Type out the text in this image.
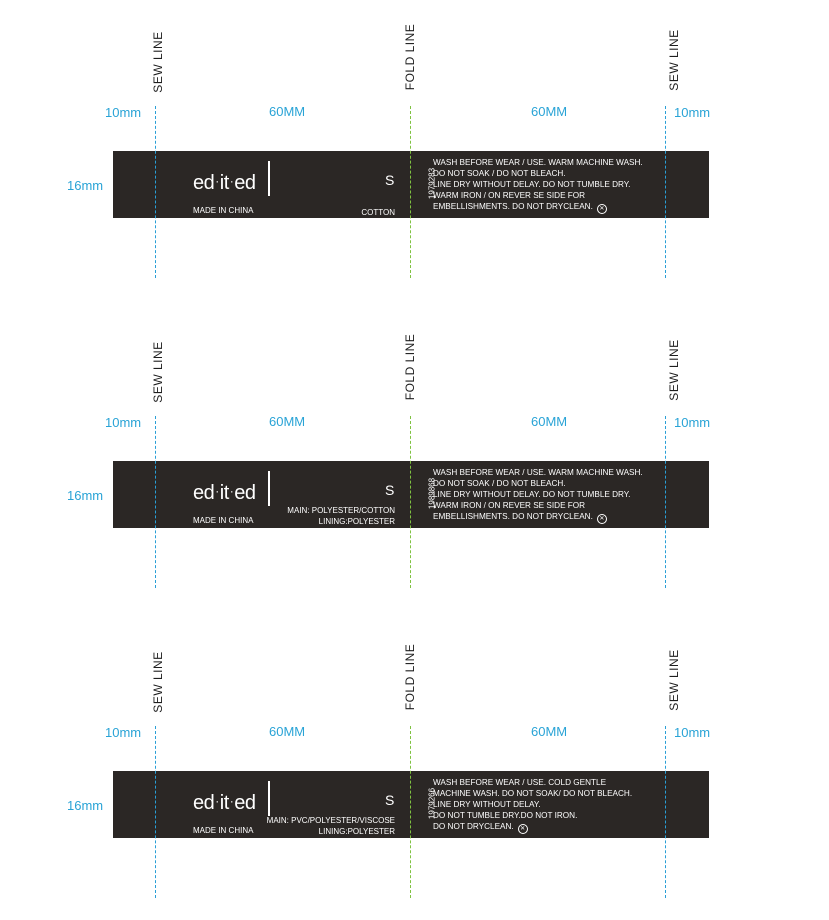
SEW LINE	FOLD LINE	SEW LINE
10mm	60MM	60MM	10mm
16mm	ed·it·ed
MADE IN CHINA
S
COTTON
1979283
WASH BEFORE WEAR / USE. WARM MACHINE WASH.
DO NOT SOAK / DO NOT BLEACH.
LINE DRY WITHOUT DELAY. DO NOT TUMBLE DRY.
WARM IRON / ON REVER SE SIDE FOR
EMBELLISHMENTS. DO NOT DRYCLEAN. ✕
SEW LINE	FOLD LINE	SEW LINE
10mm	60MM	60MM	10mm
16mm	ed·it·ed
MADE IN CHINA
S
MAIN: POLYESTER/COTTON
LINING:POLYESTER
1989868
WASH BEFORE WEAR / USE. WARM MACHINE WASH.
DO NOT SOAK / DO NOT BLEACH.
LINE DRY WITHOUT DELAY. DO NOT TUMBLE DRY.
WARM IRON / ON REVER SE SIDE FOR
EMBELLISHMENTS. DO NOT DRYCLEAN. ✕
SEW LINE	FOLD LINE	SEW LINE
10mm	60MM	60MM	10mm
16mm	ed·it·ed
MADE IN CHINA
S
MAIN: PVC/POLYESTER/VISCOSE
LINING:POLYESTER
1979266
WASH BEFORE WEAR / USE. COLD GENTLE
MACHINE WASH. DO NOT SOAK/ DO NOT BLEACH.
LINE DRY WITHOUT DELAY.
DO NOT TUMBLE DRY.DO NOT IRON.
DO NOT DRYCLEAN. ✕
